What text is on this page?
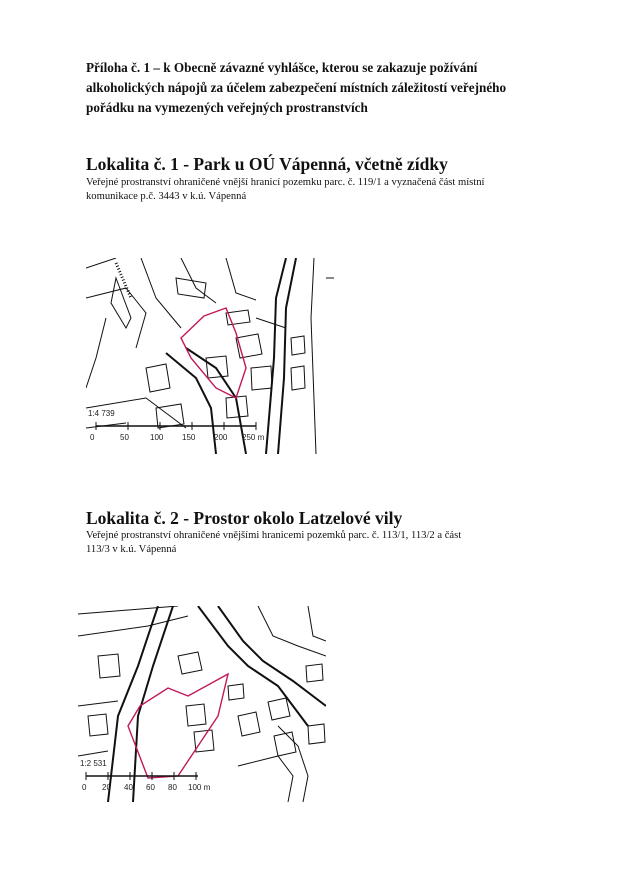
Příloha č. 1 – k Obecně závazné vyhlášce, kterou se zakazuje požívání
alkoholických nápojů za účelem zabezpečení místních záležitostí veřejného
pořádku na vymezených veřejných prostranstvích
Lokalita č. 1 - Park u OÚ Vápenná, včetně zídky
Veřejné prostranství ohraničené vnější hranicí pozemku parc. č. 119/1 a vyznačená část místní
komunikace p.č. 3443 v k.ú. Vápenná
1:4 739
0	50	100 150 200 250 m
Lokalita č. 2 - Prostor okolo Latzelové vily
Veřejné prostranství ohraničené vnějšími hranicemi pozemků parc. č. 113/1, 113/2 a část
113/3 v k.ú. Vápenná
1:2 531
0 20 40 60 80 100 m
